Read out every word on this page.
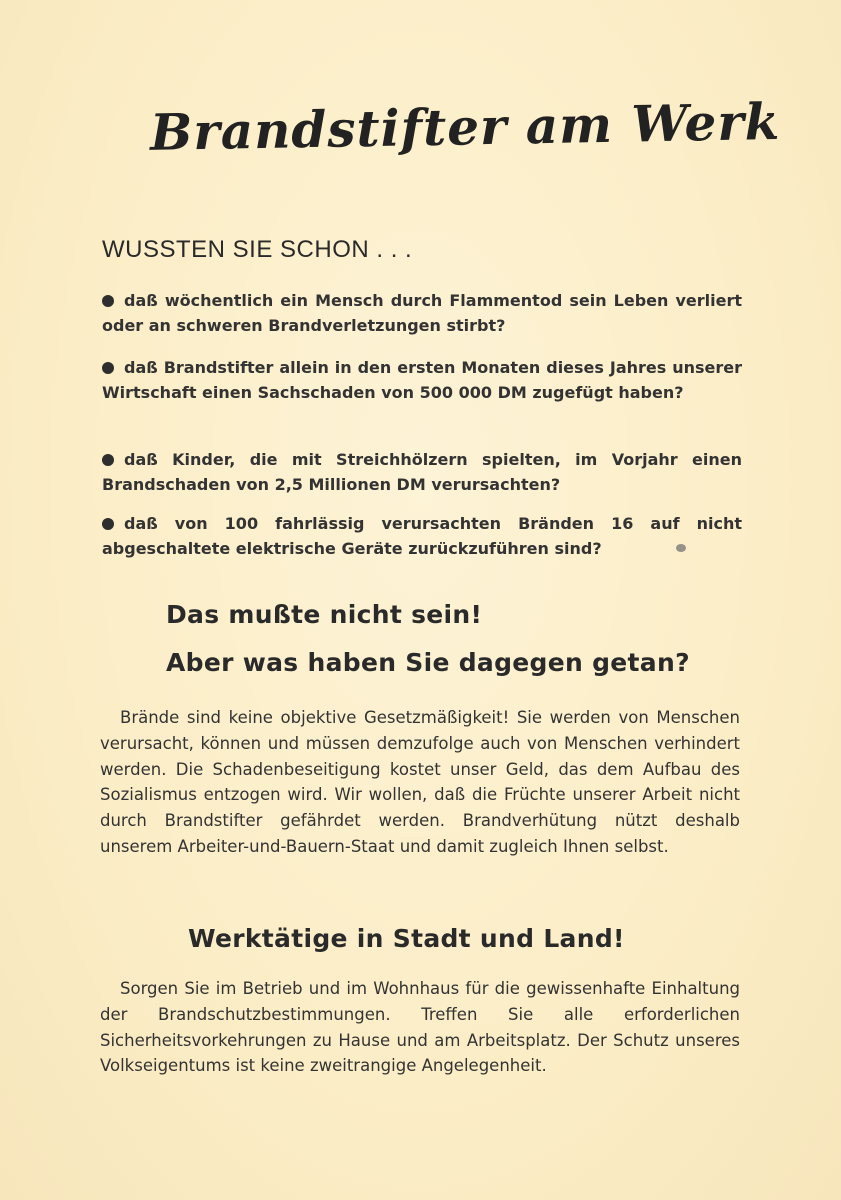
Brandstifter am Werk
WUSSTEN SIE SCHON . . .
daß wöchentlich ein Mensch durch Flammentod sein Leben verliert oder an schweren Brandverletzungen stirbt?
daß Brandstifter allein in den ersten Monaten dieses Jahres unserer Wirtschaft einen Sachschaden von 500 000 DM zugefügt haben?
daß Kinder, die mit Streichhölzern spielten, im Vorjahr einen Brandschaden von 2,5 Millionen DM verursachten?
daß von 100 fahrlässig verursachten Bränden 16 auf nicht abgeschaltete elektrische Geräte zurückzuführen sind?
Das mußte nicht sein!
Aber was haben Sie dagegen getan?
Brände sind keine objektive Gesetzmäßigkeit! Sie werden von Menschen verursacht, können und müssen demzufolge auch von Menschen verhindert werden. Die Schadenbeseitigung kostet unser Geld, das dem Aufbau des Sozialismus entzogen wird. Wir wollen, daß die Früchte unserer Arbeit nicht durch Brandstifter gefährdet werden. Brandverhütung nützt deshalb unserem Arbeiter-und-Bauern-Staat und damit zugleich Ihnen selbst.
Werktätige in Stadt und Land!
Sorgen Sie im Betrieb und im Wohnhaus für die gewissenhafte Einhaltung der Brandschutzbestimmungen. Treffen Sie alle erforderlichen Sicherheitsvorkehrungen zu Hause und am Arbeitsplatz. Der Schutz unseres Volkseigentums ist keine zweitrangige Angelegenheit.
